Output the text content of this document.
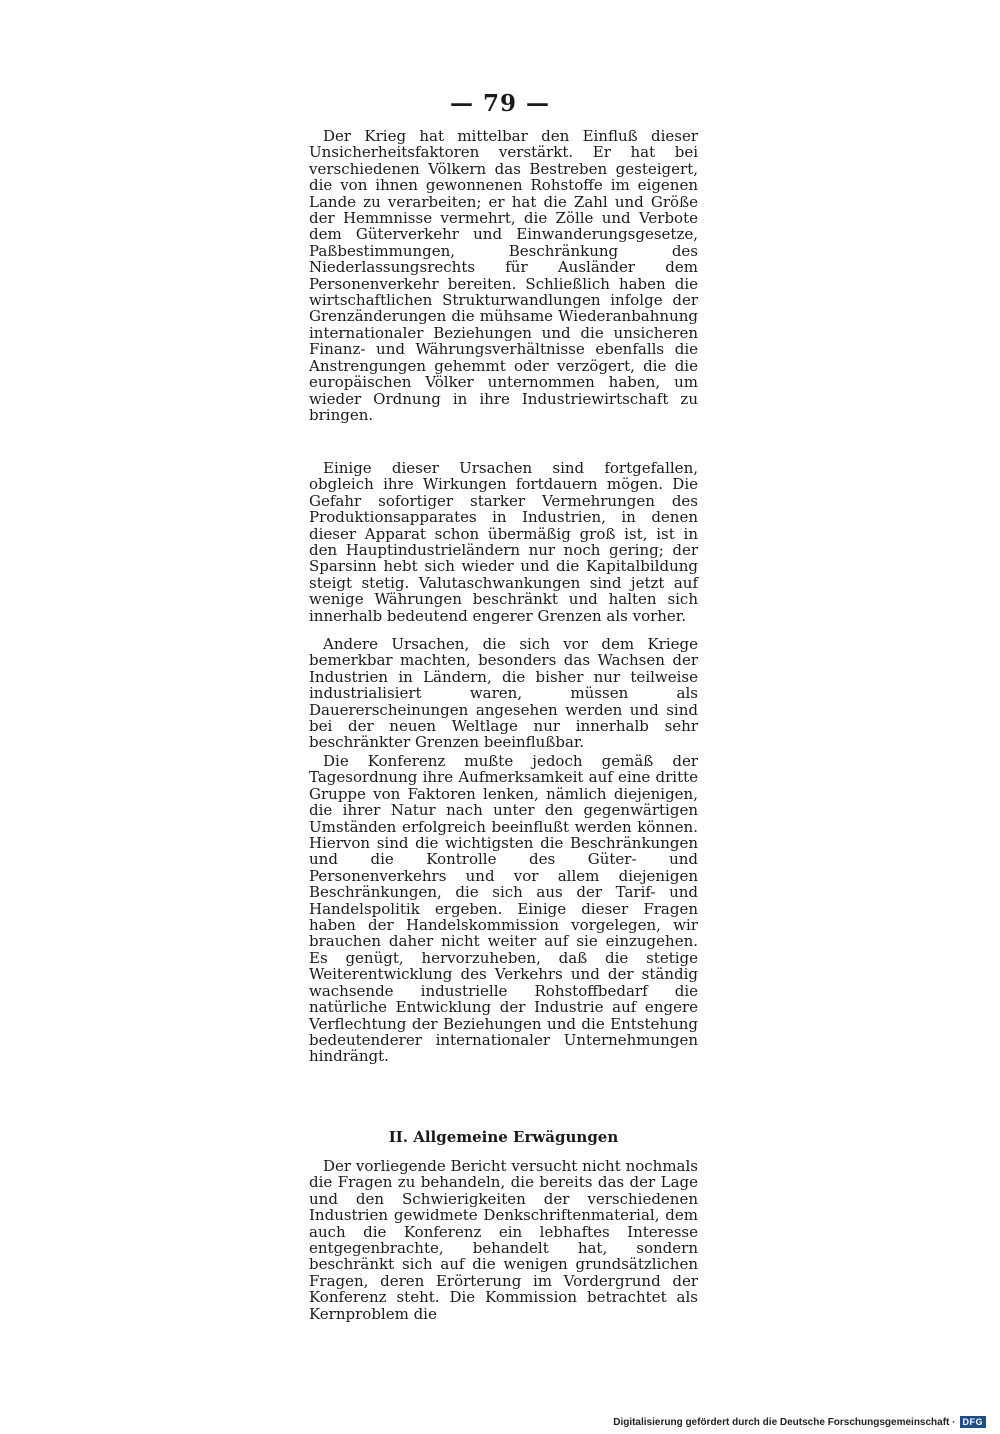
— 79 —

Der Krieg hat mittelbar den Einfluß dieser Unsicherheitsfaktoren verstärkt. Er hat bei verschiedenen Völkern das Bestreben gesteigert, die von ihnen gewonnenen Rohstoffe im eigenen Lande zu verarbeiten; er hat die Zahl und Größe der Hemmnisse vermehrt, die Zölle und Verbote dem Güterverkehr und Einwanderungsgesetze, Paßbestimmungen, Beschränkung des Niederlassungsrechts für Ausländer dem Personenverkehr bereiten. Schließlich haben die wirtschaftlichen Strukturwandlungen infolge der Grenzänderungen die mühsame Wiederanbahnung internationaler Beziehungen und die unsicheren Finanz- und Währungsverhältnisse ebenfalls die Anstrengungen gehemmt oder verzögert, die die europäischen Völker unternommen haben, um wieder Ordnung in ihre Industriewirtschaft zu bringen.

Einige dieser Ursachen sind fortgefallen, obgleich ihre Wirkungen fortdauern mögen. Die Gefahr sofortiger starker Vermehrungen des Produktionsapparates in Industrien, in denen dieser Apparat schon übermäßig groß ist, ist in den Hauptindustrieländern nur noch gering; der Sparsinn hebt sich wieder und die Kapitalbildung steigt stetig. Valutaschwankungen sind jetzt auf wenige Währungen beschränkt und halten sich innerhalb bedeutend engerer Grenzen als vorher.

Andere Ursachen, die sich vor dem Kriege bemerkbar machten, besonders das Wachsen der Industrien in Ländern, die bisher nur teilweise industrialisiert waren, müssen als Dauererscheinungen angesehen werden und sind bei der neuen Weltlage nur innerhalb sehr beschränkter Grenzen beeinflußbar.

Die Konferenz mußte jedoch gemäß der Tagesordnung ihre Aufmerksamkeit auf eine dritte Gruppe von Faktoren lenken, nämlich diejenigen, die ihrer Natur nach unter den gegenwärtigen Umständen erfolgreich beeinflußt werden können. Hiervon sind die wichtigsten die Beschränkungen und die Kontrolle des Güter- und Personenverkehrs und vor allem diejenigen Beschränkungen, die sich aus der Tarif- und Handelspolitik ergeben. Einige dieser Fragen haben der Handelskommission vorgelegen, wir brauchen daher nicht weiter auf sie einzugehen. Es genügt, hervorzuheben, daß die stetige Weiterentwicklung des Verkehrs und der ständig wachsende industrielle Rohstoffbedarf die natürliche Entwicklung der Industrie auf engere Verflechtung der Beziehungen und die Entstehung bedeutenderer internationaler Unternehmungen hindrängt.

II. Allgemeine Erwägungen

Der vorliegende Bericht versucht nicht nochmals die Fragen zu behandeln, die bereits das der Lage und den Schwierigkeiten der verschiedenen Industrien gewidmete Denkschriftenmaterial, dem auch die Konferenz ein lebhaftes Interesse entgegenbrachte, behandelt hat, sondern beschränkt sich auf die wenigen grundsätzlichen Fragen, deren Erörterung im Vordergrund der Konferenz steht. Die Kommission betrachtet als Kernproblem die

Digitalisierung gefördert durch die Deutsche Forschungsgemeinschaft · DFG
